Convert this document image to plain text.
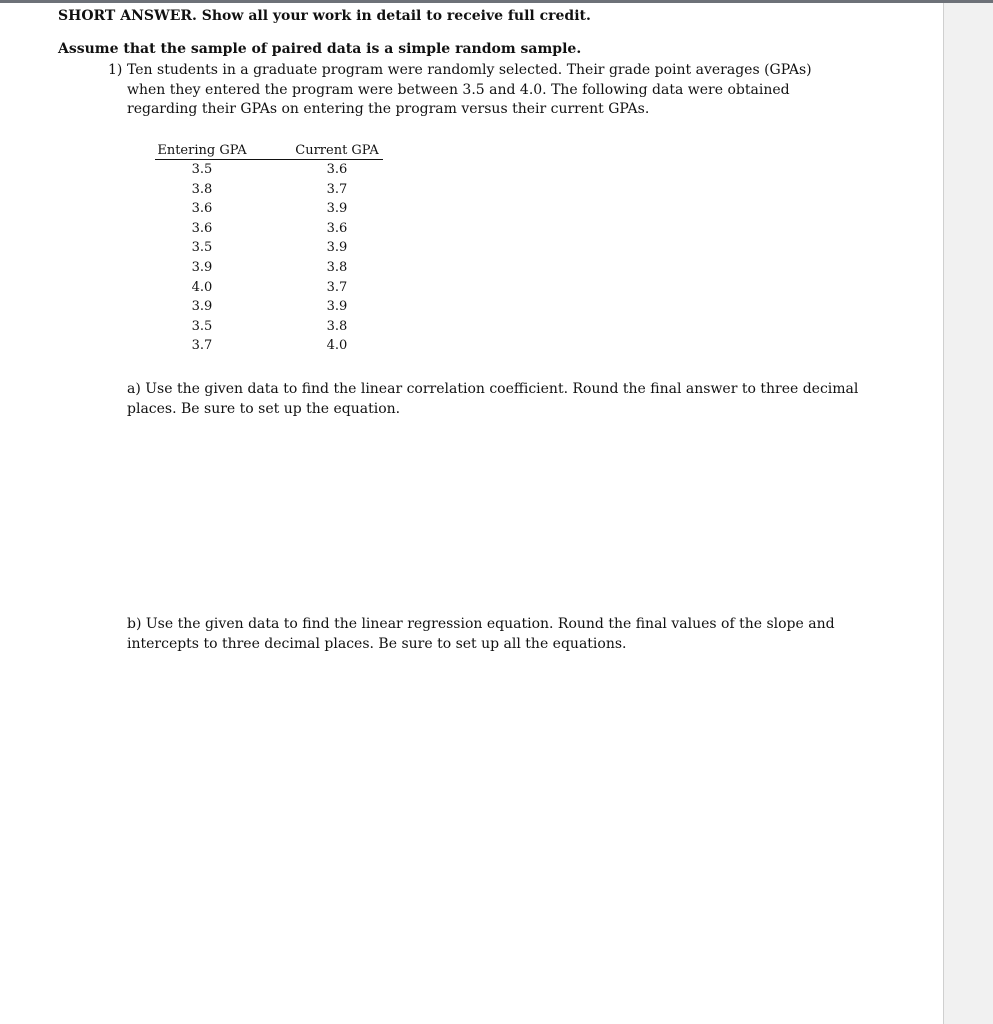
SHORT ANSWER. Show all your work in detail to receive full credit.

Assume that the sample of paired data is a simple random sample.

1) Ten students in a graduate program were randomly selected. Their grade point averages (GPAs) when they entered the program were between 3.5 and 4.0. The following data were obtained regarding their GPAs on entering the program versus their current GPAs.

Entering GPA		Current GPA
3.5		3.6
3.8		3.7
3.6		3.9
3.6		3.6
3.5		3.9
3.9		3.8
4.0		3.7
3.9		3.9
3.5		3.8
3.7		4.0

a) Use the given data to find the linear correlation coefficient. Round the final answer to three decimal places. Be sure to set up the equation.

b) Use the given data to find the linear regression equation. Round the final values of the slope and intercepts to three decimal places. Be sure to set up all the equations.
